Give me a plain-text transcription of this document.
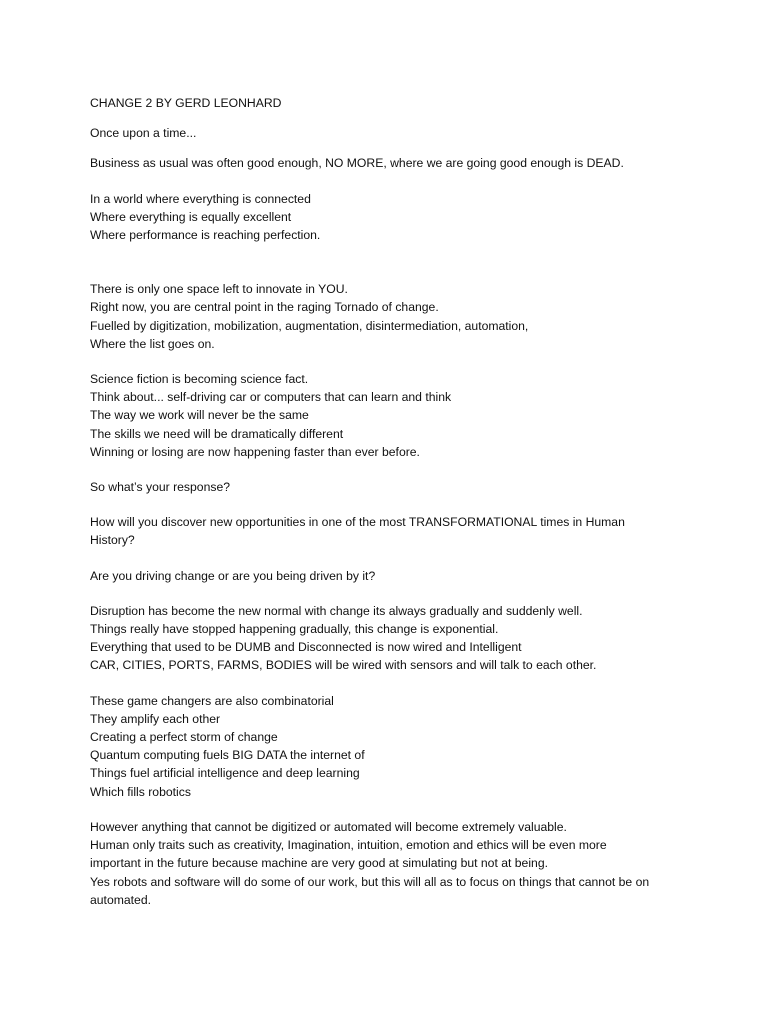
CHANGE 2 BY GERD LEONHARD

Once upon a time...

Business as usual was often good enough, NO MORE, where we are going good enough is DEAD.

In a world where everything is connected
Where everything is equally excellent
Where performance is reaching perfection.

There is only one space left to innovate in YOU.
Right now, you are central point in the raging Tornado of change.
Fuelled by digitization, mobilization, augmentation, disintermediation, automation,
Where the list goes on.

Science fiction is becoming science fact.
Think about... self-driving car or computers that can learn and think
The way we work will never be the same
The skills we need will be dramatically different
Winning or losing are now happening faster than ever before.

So what’s your response?

How will you discover new opportunities in one of the most TRANSFORMATIONAL times in Human
History?

Are you driving change or are you being driven by it?

Disruption has become the new normal with change its always gradually and suddenly well.
Things really have stopped happening gradually, this change is exponential.
Everything that used to be DUMB and Disconnected is now wired and Intelligent
CAR, CITIES, PORTS, FARMS, BODIES will be wired with sensors and will talk to each other.

These game changers are also combinatorial
They amplify each other
Creating a perfect storm of change
Quantum computing fuels BIG DATA the internet of
Things fuel artificial intelligence and deep learning
Which fills robotics

However anything that cannot be digitized or automated will become extremely valuable.
Human only traits such as creativity, Imagination, intuition, emotion and ethics will be even more
important in the future because machine are very good at simulating but not at being.
Yes robots and software will do some of our work, but this will all as to focus on things that cannot be on
automated.
